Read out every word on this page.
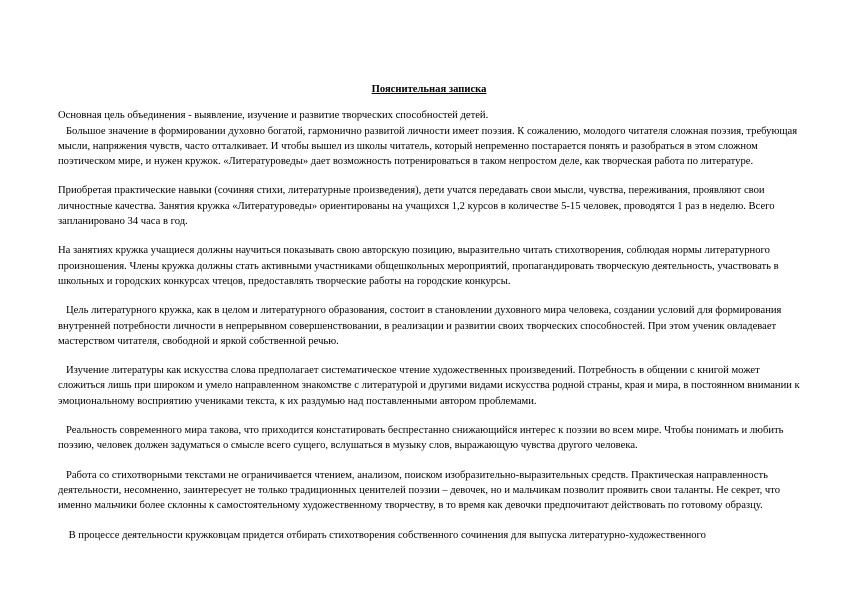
Пояснительная записка

Основная цель объединения - выявление, изучение и развитие творческих способностей детей.

Большое значение в формировании духовно богатой, гармонично развитой личности имеет поэзия. К сожалению, молодого читателя сложная поэзия, требующая мысли, напряжения чувств, часто отталкивает. И чтобы вышел из школы читатель, который непременно постарается понять и разобраться в этом сложном поэтическом мире, и нужен кружок. «Литературоведы» дает возможность потренироваться в таком непростом деле, как творческая работа по литературе.

Приобретая практические навыки (сочиняя стихи, литературные произведения), дети учатся передавать свои мысли, чувства, переживания, проявляют свои личностные качества. Занятия кружка «Литературоведы» ориентированы на учащихся 1,2 курсов в количестве 5-15 человек, проводятся 1 раз в неделю. Всего запланировано 34 часа в год.

На занятиях кружка учащиеся должны научиться показывать свою авторскую позицию, выразительно читать стихотворения, соблюдая нормы литературного произношения. Члены кружка должны стать активными участниками общешкольных мероприятий, пропагандировать творческую деятельность, участвовать в школьных и городских конкурсах чтецов, предоставлять творческие работы на городские конкурсы.

Цель литературного кружка, как в целом и литературного образования, состоит в становлении духовного мира человека, создании условий для формирования внутренней потребности личности в непрерывном совершенствовании, в реализации и развитии своих творческих способностей. При этом ученик овладевает мастерством читателя, свободной и яркой собственной речью.

Изучение литературы как искусства слова предполагает систематическое чтение художественных произведений. Потребность в общении с книгой может сложиться лишь при широком и умело направленном знакомстве с литературой и другими видами искусства родной страны, края и мира, в постоянном внимании к эмоциональному восприятию учениками текста, к их раздумью над поставленными автором проблемами.

Реальность современного мира такова, что приходится констатировать беспрестанно снижающийся интерес к поэзии во всем мире. Чтобы понимать и любить поэзию, человек должен задуматься о смысле всего сущего, вслушаться в музыку слов, выражающую чувства другого человека.

Работа со стихотворными текстами не ограничивается чтением, анализом, поиском изобразительно-выразительных средств. Практическая направленность деятельности, несомненно, заинтересует не только традиционных ценителей поэзии – девочек, но и мальчикам позволит проявить свои таланты. Не секрет, что именно мальчики более склонны к самостоятельному художественному творчеству, в то время как девочки предпочитают действовать по готовому образцу.

В процессе деятельности кружковцам придется отбирать стихотворения собственного сочинения для выпуска литературно-художественного
